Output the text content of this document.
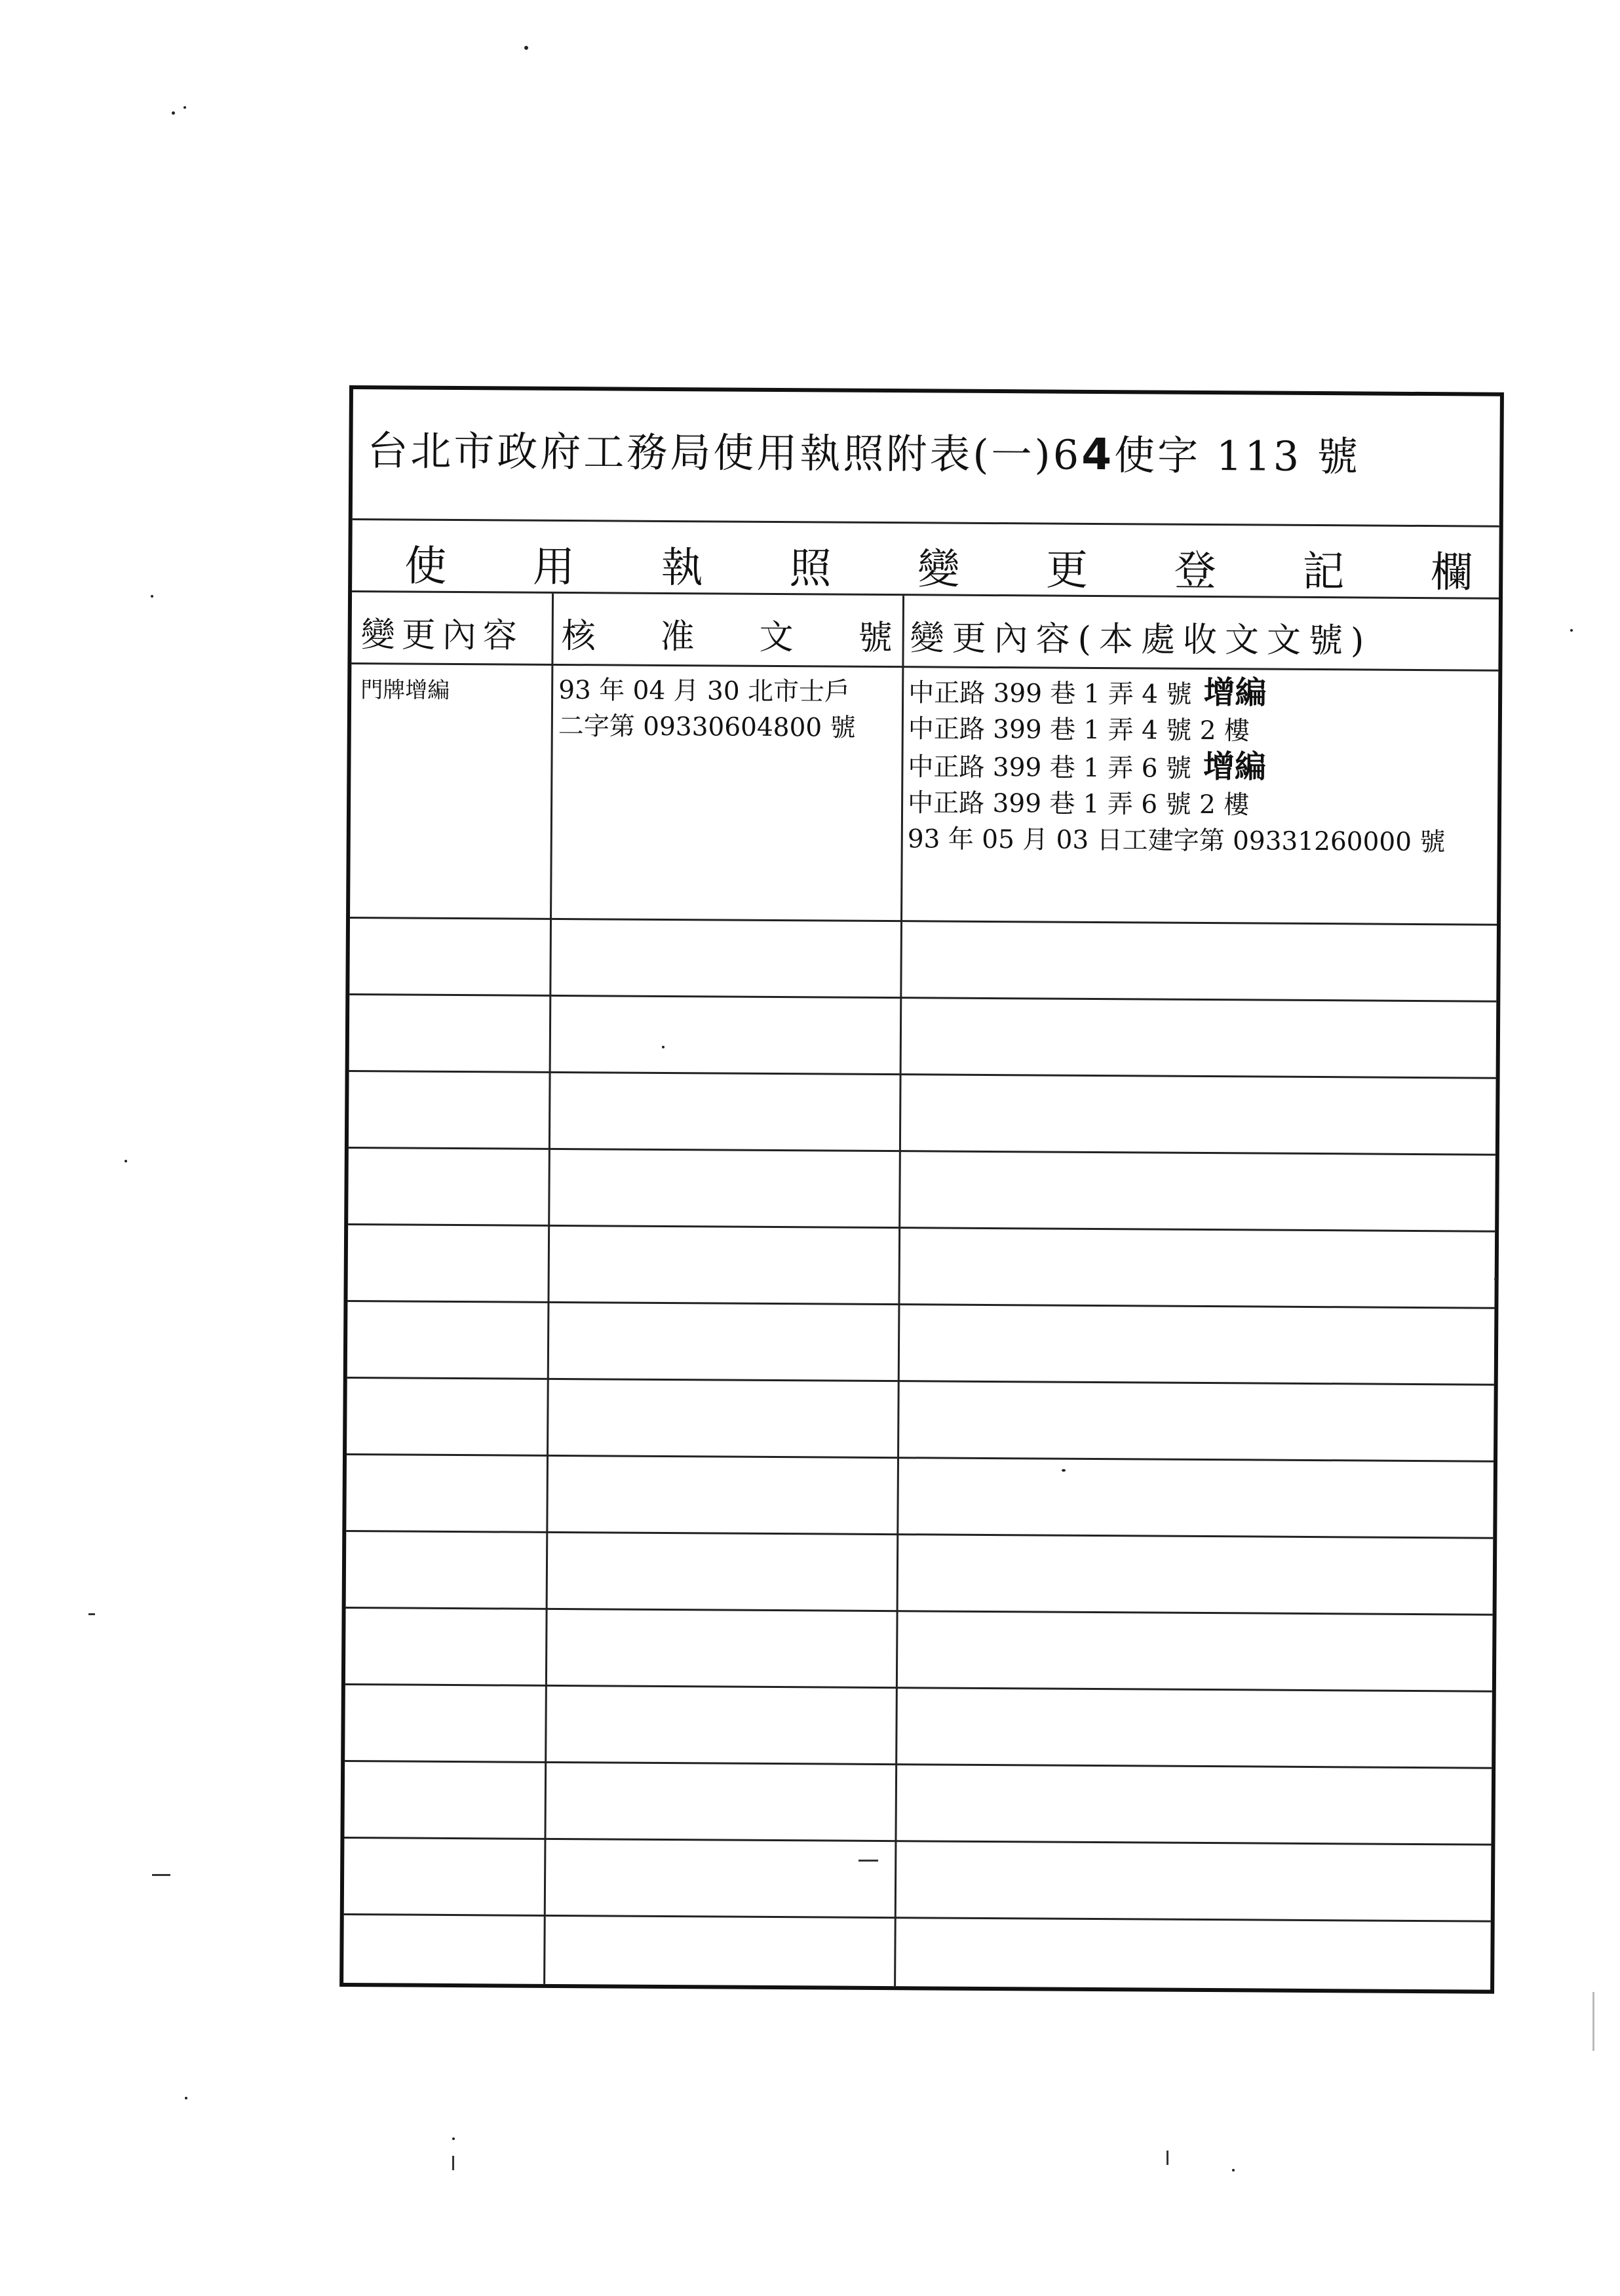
台北市政府工務局使用執照附表(一)64使字 113 號
使 用 執 照 變 更 登 記 欄
變更內容	核 准 文 號 變更內容(本處收文文號)
門牌增編	93 年 04 月 30 北市士戶
二字第 09330604800 號
中正路 399 巷 1 弄 4 號 增編
中正路 399 巷 1 弄 4 號 2 樓
中正路 399 巷 1 弄 6 號 增編
中正路 399 巷 1 弄 6 號 2 樓
93 年 05 月 03 日工建字第 09331260000 號
